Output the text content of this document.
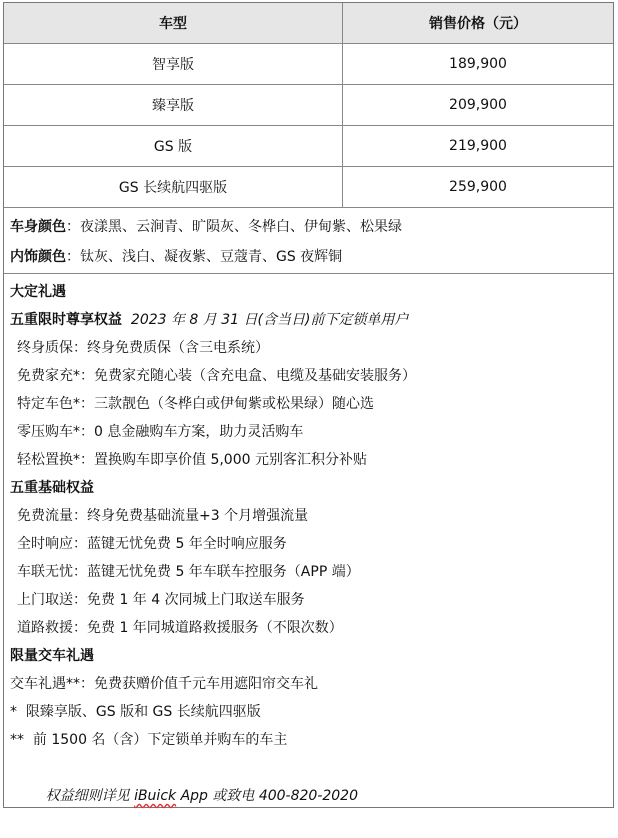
车型	销售价格（元）
智享版	189,900
臻享版	209,900
GS 版	219,900
GS 长续航四驱版	259,900
车身颜色：夜漾黑、云涧青、旷陨灰、冬桦白、伊甸紫、松果绿
内饰颜色：钛灰、浅白、凝夜紫、豆蔻青、GS 夜辉铜
大定礼遇
五重限时尊享权益 2023 年 8 月 31 日(含当日)前下定锁单用户
终身质保：终身免费质保（含三电系统）
免费家充*：免费家充随心装（含充电盒、电缆及基础安装服务）
特定车色*：三款靓色（冬桦白或伊甸紫或松果绿）随心选
零压购车*：0 息金融购车方案，助力灵活购车
轻松置换*：置换购车即享价值 5,000 元别客汇积分补贴
五重基础权益
免费流量：终身免费基础流量+3 个月增强流量
全时响应：蓝键无忧免费 5 年全时响应服务
车联无忧：蓝键无忧免费 5 年车联车控服务（APP 端）
上门取送：免费 1 年 4 次同城上门取送车服务
道路救援：免费 1 年同城道路救援服务（不限次数）
限量交车礼遇
交车礼遇**：免费获赠价值千元车用遮阳帘交车礼
*  限臻享版、GS 版和 GS 长续航四驱版
**  前 1500 名（含）下定锁单并购车的车主

权益细则详见 iBuick App 或致电 400-820-2020
